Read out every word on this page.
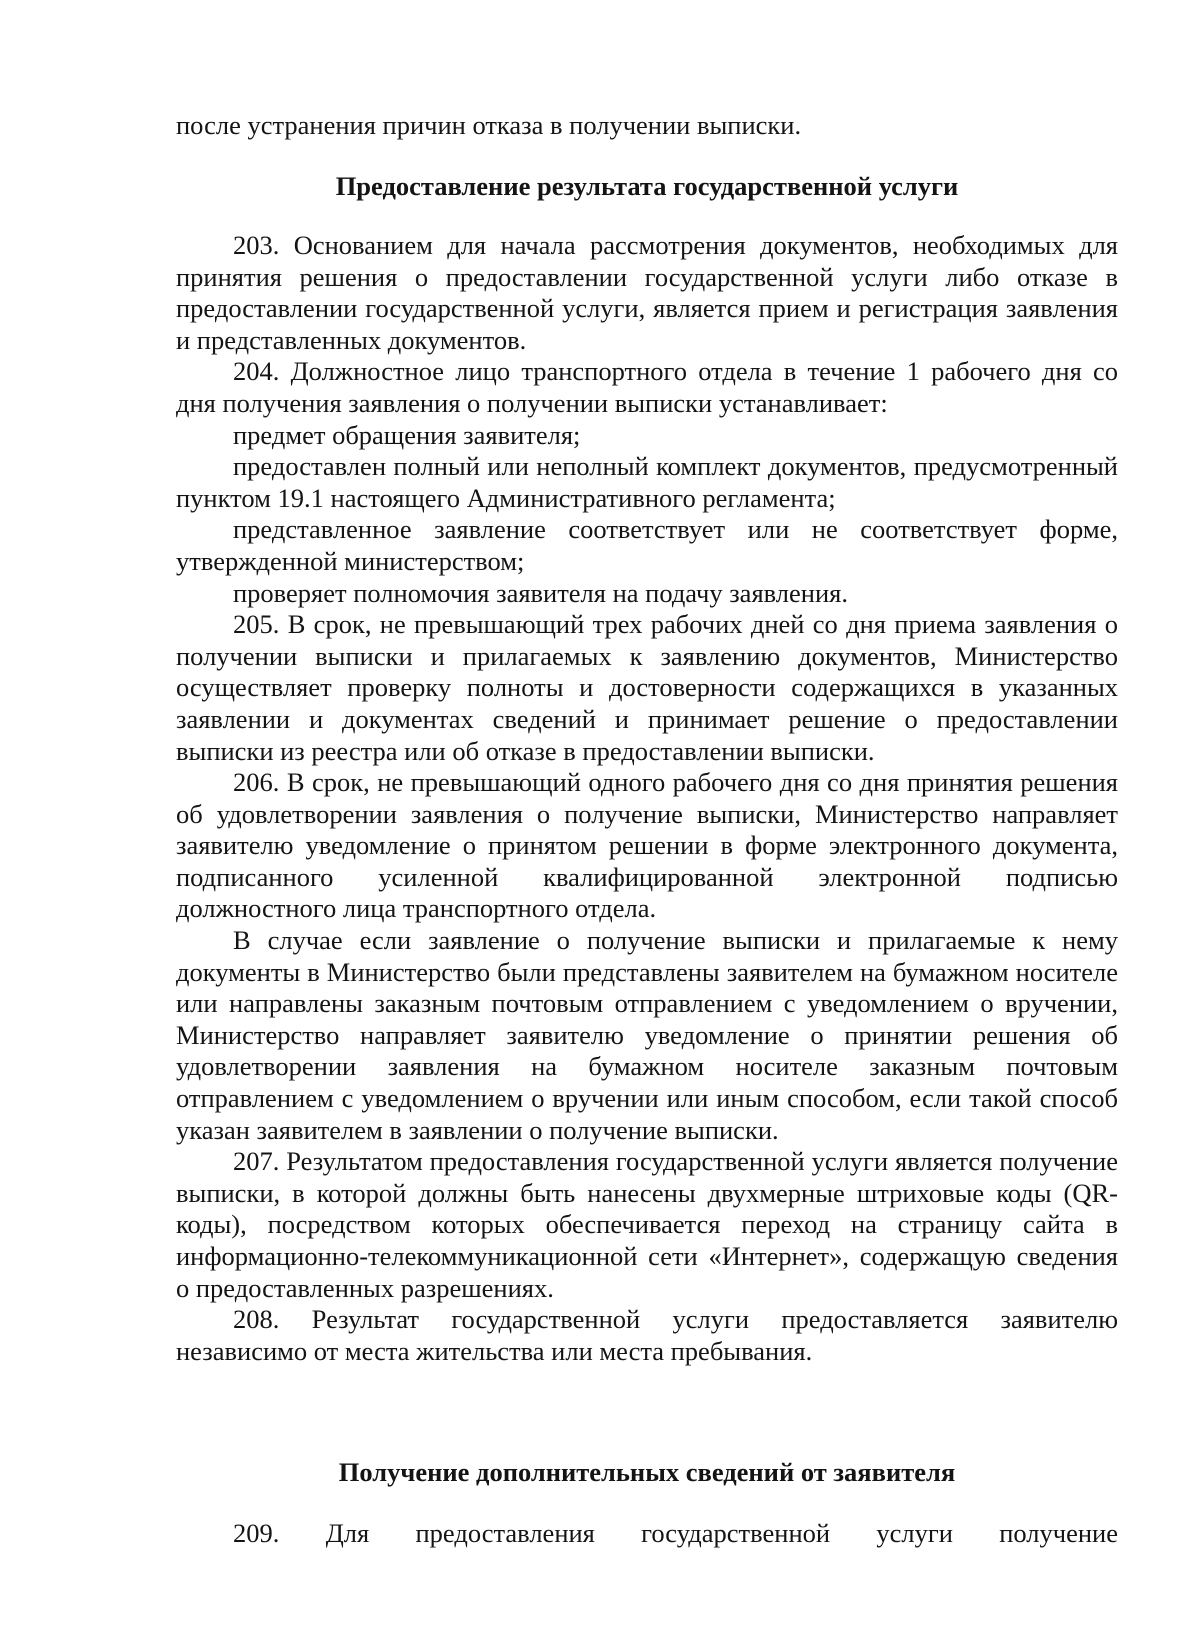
после устранения причин отказа в получении выписки.

Предоставление результата государственной услуги

203. Основанием для начала рассмотрения документов, необходимых для принятия решения о предоставлении государственной услуги либо отказе в предоставлении государственной услуги, является прием и регистрация заявления и представленных документов.

204. Должностное лицо транспортного отдела в течение 1 рабочего дня со дня получения заявления о получении выписки устанавливает:

предмет обращения заявителя;

предоставлен полный или неполный комплект документов, предусмотренный пунктом 19.1 настоящего Административного регламента;

представленное заявление соответствует или не соответствует форме, утвержденной министерством;

проверяет полномочия заявителя на подачу заявления.

205. В срок, не превышающий трех рабочих дней со дня приема заявления о получении выписки и прилагаемых к заявлению документов, Министерство осуществляет проверку полноты и достоверности содержащихся в указанных заявлении и документах сведений и принимает решение о предоставлении выписки из реестра или об отказе в предоставлении выписки.

206. В срок, не превышающий одного рабочего дня со дня принятия решения об удовлетворении заявления о получение выписки, Министерство направляет заявителю уведомление о принятом решении в форме электронного документа, подписанного усиленной квалифицированной электронной подписью должностного лица транспортного отдела.

В случае если заявление о получение выписки и прилагаемые к нему документы в Министерство были представлены заявителем на бумажном носителе или направлены заказным почтовым отправлением с уведомлением о вручении, Министерство направляет заявителю уведомление о принятии решения об удовлетворении заявления на бумажном носителе заказным почтовым отправлением с уведомлением о вручении или иным способом, если такой способ указан заявителем в заявлении о получение выписки.

207. Результатом предоставления государственной услуги является получение выписки, в которой должны быть нанесены двухмерные штриховые коды (QR-коды), посредством которых обеспечивается переход на страницу сайта в информационно-телекоммуникационной сети «Интернет», содержащую сведения о предоставленных разрешениях.

208. Результат государственной услуги предоставляется заявителю независимо от места жительства или места пребывания.

Получение дополнительных сведений от заявителя

209. Для предоставления государственной услуги получение
